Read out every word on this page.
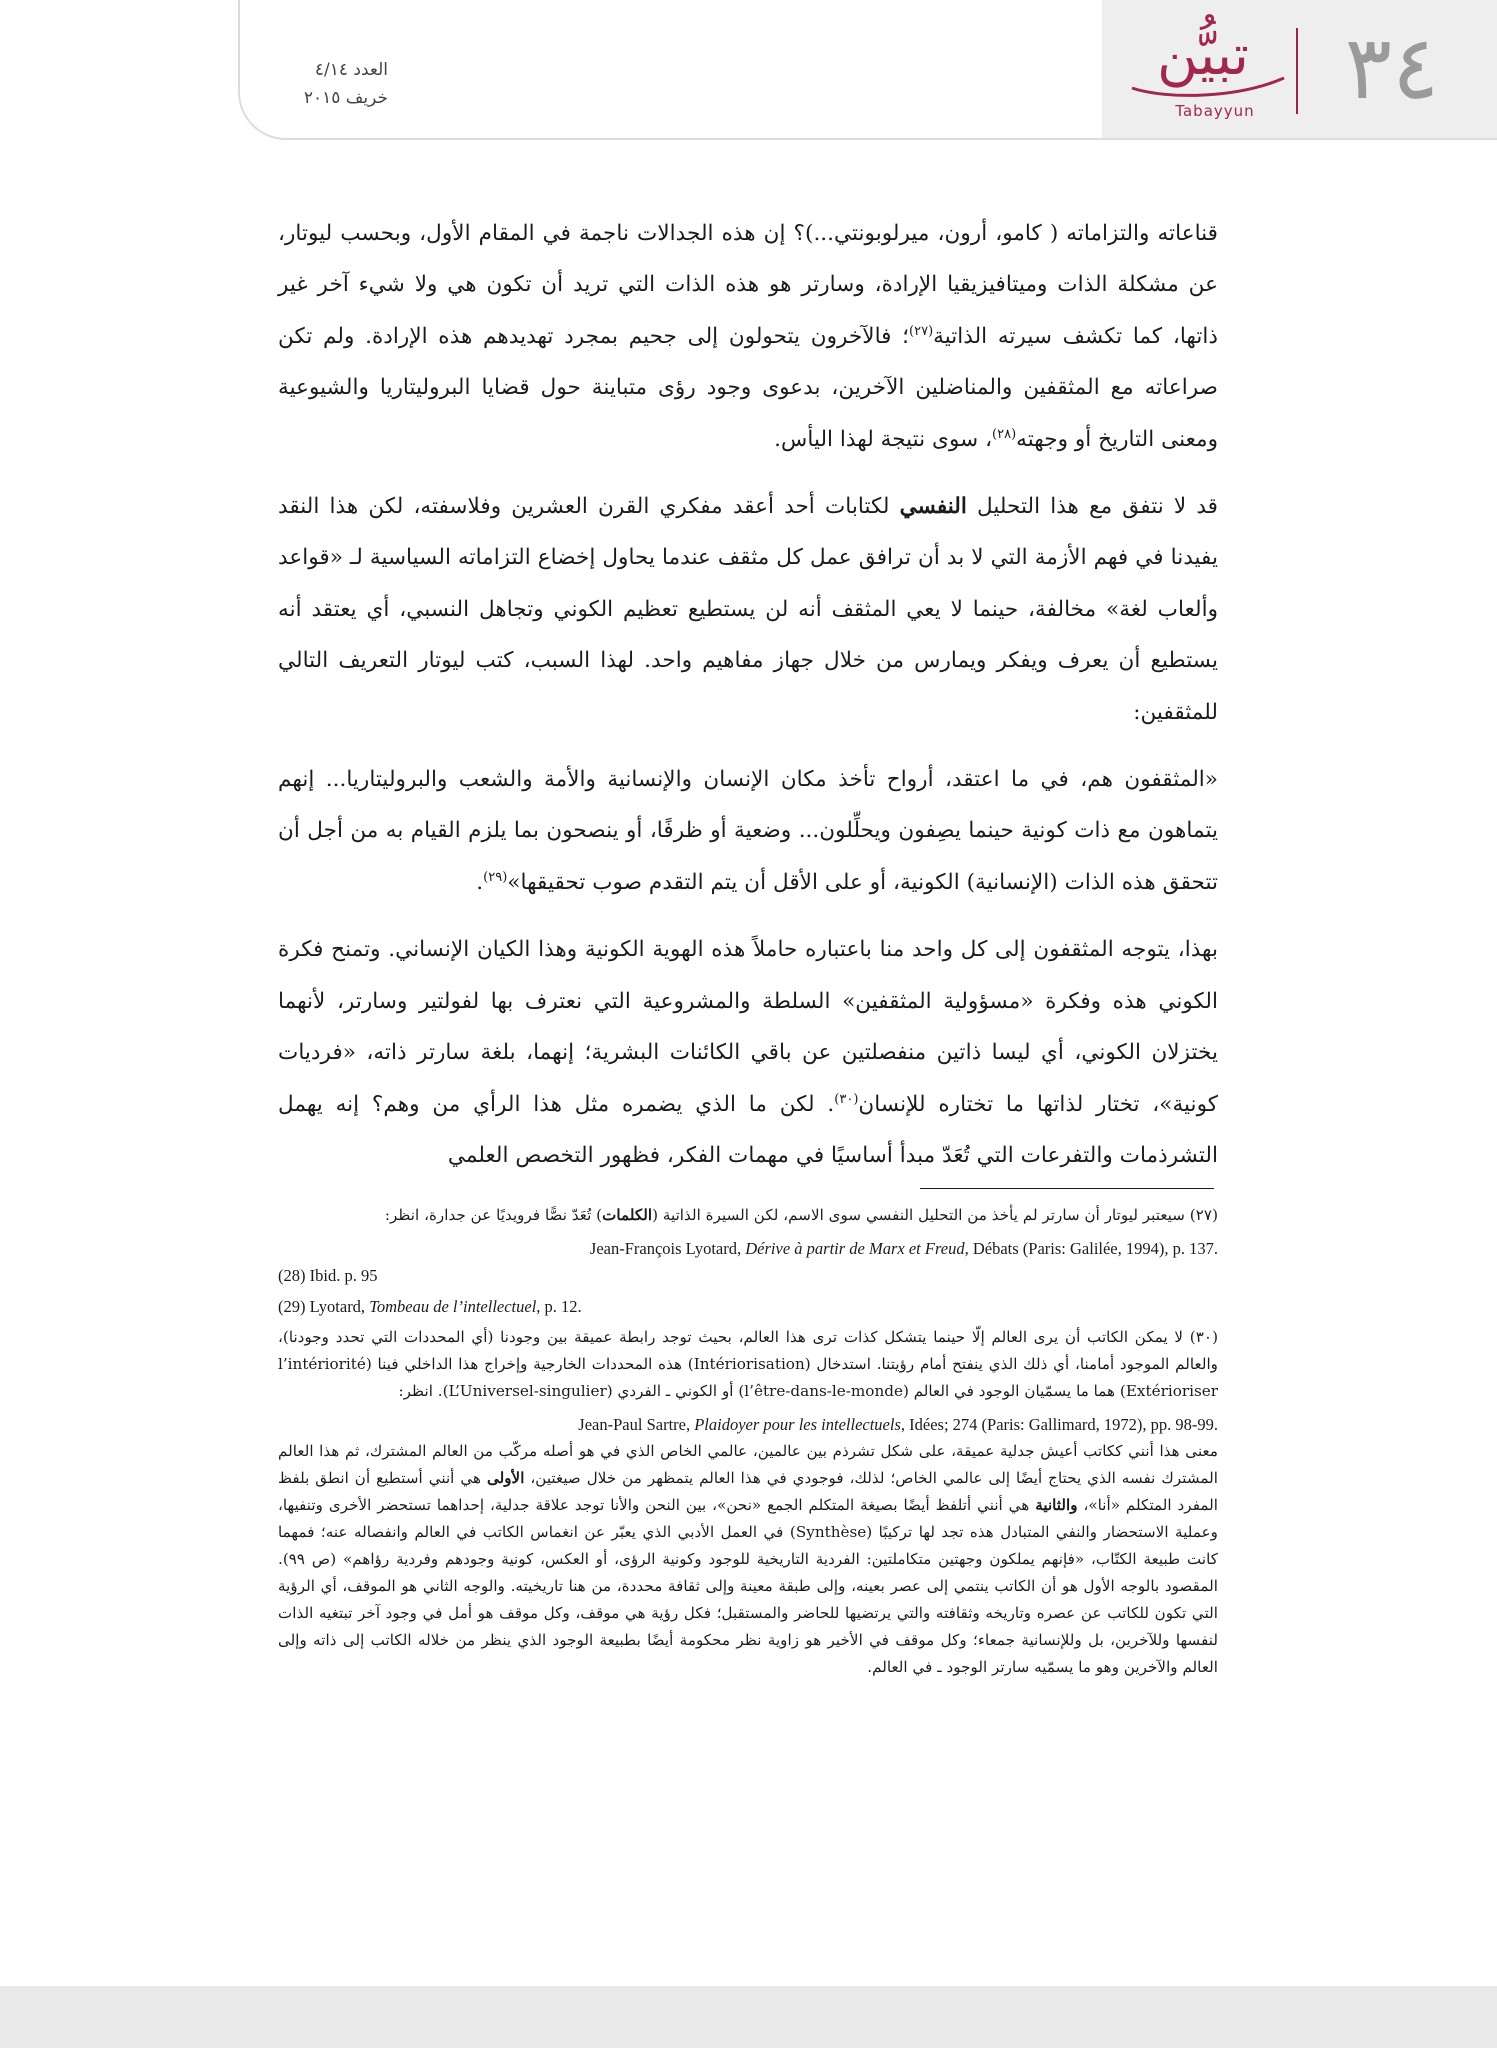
٣٤
تبيُّن
Tabayyun
العدد ٤/١٤
خريف ٢٠١٥

قناعاته والتزاماته ( كامو، أرون، ميرلوبونتي...)؟ إن هذه الجدالات ناجمة في المقام الأول، وبحسب ليوتار، عن مشكلة الذات وميتافيزيقيا الإرادة، وسارتر هو هذه الذات التي تريد أن تكون هي ولا شيء آخر غير ذاتها، كما تكشف سيرته الذاتية$^{(٢٧)}$؛ فالآخرون يتحولون إلى جحيم بمجرد تهديدهم هذه الإرادة. ولم تكن صراعاته مع المثقفين والمناضلين الآخرين، بدعوى وجود رؤى متباينة حول قضايا البروليتاريا والشيوعية ومعنى التاريخ أو وجهته$^{(٢٨)}$، سوى نتيجة لهذا اليأس.

قد لا نتفق مع هذا التحليل النفسي لكتابات أحد أعقد مفكري القرن العشرين وفلاسفته، لكن هذا النقد يفيدنا في فهم الأزمة التي لا بد أن ترافق عمل كل مثقف عندما يحاول إخضاع التزاماته السياسية لـ «قواعد وألعاب لغة» مخالفة، حينما لا يعي المثقف أنه لن يستطيع تعظيم الكوني وتجاهل النسبي، أي يعتقد أنه يستطيع أن يعرف ويفكر ويمارس من خلال جهاز مفاهيم واحد. لهذا السبب، كتب ليوتار التعريف التالي للمثقفين:

«المثقفون هم، في ما اعتقد، أرواح تأخذ مكان الإنسان والإنسانية والأمة والشعب والبروليتاريا... إنهم يتماهون مع ذات كونية حينما يصِفون ويحلِّلون... وضعية أو ظرفًا، أو ينصحون بما يلزم القيام به من أجل أن تتحقق هذه الذات (الإنسانية) الكونية، أو على الأقل أن يتم التقدم صوب تحقيقها»$^{(٢٩)}$.

بهذا، يتوجه المثقفون إلى كل واحد منا باعتباره حاملاً هذه الهوية الكونية وهذا الكيان الإنساني. وتمنح فكرة الكوني هذه وفكرة «مسؤولية المثقفين» السلطة والمشروعية التي نعترف بها لفولتير وسارتر، لأنهما يختزلان الكوني، أي ليسا ذاتين منفصلتين عن باقي الكائنات البشرية؛ إنهما، بلغة سارتر ذاته، «فرديات كونية»، تختار لذاتها ما تختاره للإنسان$^{(٣٠)}$. لكن ما الذي يضمره مثل هذا الرأي من وهم؟ إنه يهمل التشرذمات والتفرعات التي تُعَدّ مبدأ أساسيًا في مهمات الفكر، فظهور التخصص العلمي

(٢٧) سيعتبر ليوتار أن سارتر لم يأخذ من التحليل النفسي سوى الاسم، لكن السيرة الذاتية (الكلمات) تُعَدّ نصًّا فرويديًا عن جدارة، انظر:
Jean-François Lyotard, Dérive à partir de Marx et Freud, Débats (Paris: Galilée, 1994), p. 137.
(28) Ibid. p. 95
(29) Lyotard, Tombeau de l’intellectuel, p. 12.
(٣٠) لا يمكن الكاتب أن يرى العالم إلّا حينما يتشكل كذات ترى هذا العالم، بحيث توجد رابطة عميقة بين وجودنا (أي المحددات التي تحدد وجودنا)، والعالم الموجود أمامنا، أي ذلك الذي ينفتح أمام رؤيتنا. استدخال (Intériorisation) هذه المحددات الخارجية وإخراج هذا الداخلي فينا (l’intériorité Extérioriser) هما ما يسمّيان الوجود في العالم (l’être-dans-le-monde) أو الكوني ـ الفردي (L’Universel-singulier). انظر:
Jean-Paul Sartre, Plaidoyer pour les intellectuels, Idées; 274 (Paris: Gallimard, 1972), pp. 98-99.
معنى هذا أنني ككاتب أعيش جدلية عميقة، على شكل تشرذم بين عالمين، عالمي الخاص الذي في هو أصله مركّب من العالم المشترك، ثم هذا العالم المشترك نفسه الذي يحتاج أيضًا إلى عالمي الخاص؛ لذلك، فوجودي في هذا العالم يتمظهر من خلال صيغتين، الأولى هي أنني أستطيع أن انطق بلفظ المفرد المتكلم «أنا»، والثانية هي أنني أتلفظ أيضًا بصيغة المتكلم الجمع «نحن»، بين النحن والأنا توجد علاقة جدلية، إحداهما تستحضر الأخرى وتنفيها، وعملية الاستحضار والنفي المتبادل هذه تجد لها تركيبًا (Synthèse) في العمل الأدبي الذي يعبّر عن انغماس الكاتب في العالم وانفصاله عنه؛ فمهما كانت طبيعة الكتّاب، «فإنهم يملكون وجهتين متكاملتين: الفردية التاريخية للوجود وكونية الرؤى، أو العكس، كونية وجودهم وفردية رؤاهم» (ص ٩٩). المقصود بالوجه الأول هو أن الكاتب ينتمي إلى عصر بعينه، وإلى طبقة معينة وإلى ثقافة محددة، من هنا تاريخيته. والوجه الثاني هو الموقف، أي الرؤية التي تكون للكاتب عن عصره وتاريخه وثقافته والتي يرتضيها للحاضر والمستقبل؛ فكل رؤية هي موقف، وكل موقف هو أمل في وجود آخر تبتغيه الذات لنفسها وللآخرين، بل وللإنسانية جمعاء؛ وكل موقف في الأخير هو زاوية نظر محكومة أيضًا بطبيعة الوجود الذي ينظر من خلاله الكاتب إلى ذاته وإلى العالم والآخرين وهو ما يسمّيه سارتر الوجود ـ في العالم.
